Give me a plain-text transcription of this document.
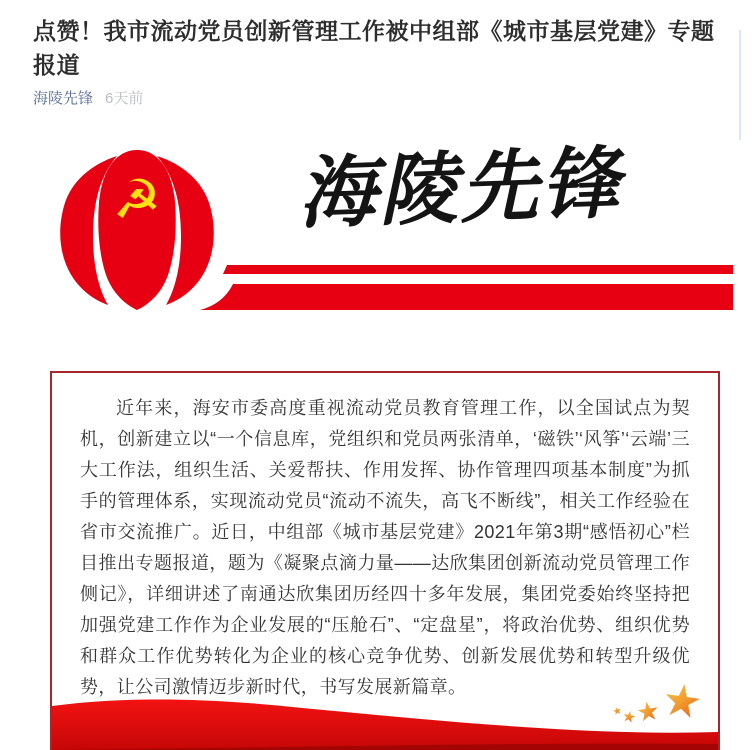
点赞！我市流动党员创新管理工作被中组部《城市基层党建》专题报道
海陵先锋 6天前
☭	海陵先锋

近年来，海安市委高度重视流动党员教育管理工作，以全国试点为契机，创新建立以“一个信息库，党组织和党员两张清单，‘磁铁’‘风筝’‘云端’三大工作法，组织生活、关爱帮扶、作用发挥、协作管理四项基本制度”为抓手的管理体系，实现流动党员“流动不流失，高飞不断线”，相关工作经验在省市交流推广。近日，中组部《城市基层党建》2021年第3期“感悟初心”栏目推出专题报道，题为《凝聚点滴力量——达欣集团创新流动党员管理工作侧记》，详细讲述了南通达欣集团历经四十多年发展，集团党委始终坚持把加强党建工作作为企业发展的“压舱石”、“定盘星”，将政治优势、组织优势和群众工作优势转化为企业的核心竞争优势、创新发展优势和转型升级优势，让公司激情迈步新时代，书写发展新篇章。
